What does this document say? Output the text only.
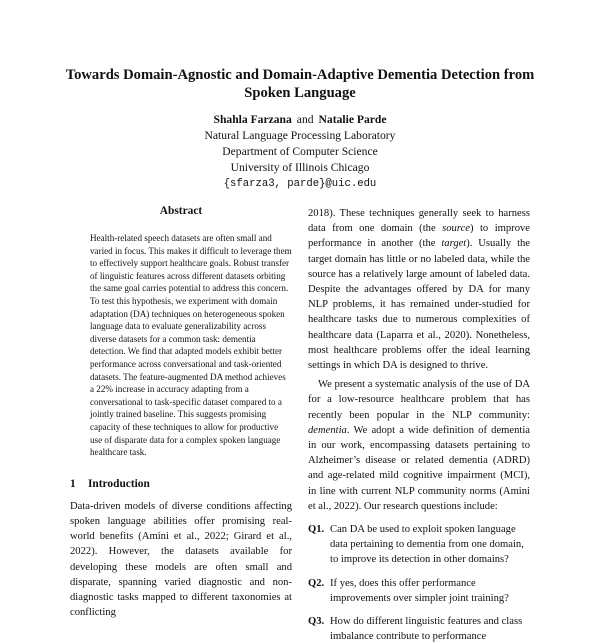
Towards Domain-Agnostic and Domain-Adaptive Dementia Detection from
Spoken Language
Shahla Farzana and Natalie Parde
Natural Language Processing Laboratory
Department of Computer Science
University of Illinois Chicago
{sfarza3, parde}@uic.edu
Abstract

Health-related speech datasets are often small and varied in focus. This makes it difficult to leverage them to effectively support healthcare goals. Robust transfer of linguistic features across different datasets orbiting the same goal carries potential to address this concern. To test this hypothesis, we experiment with domain adaptation (DA) techniques on heterogeneous spoken language data to evaluate generalizability across diverse datasets for a common task: dementia detection. We find that adapted models exhibit better performance across conversational and task-oriented datasets. The feature-augmented DA method achieves a 22% increase in accuracy adapting from a conversational to task-specific dataset compared to a jointly trained baseline. This suggests promising capacity of these techniques to allow for productive use of disparate data for a complex spoken language healthcare task.

1 Introduction

Data-driven models of diverse conditions affecting spoken language abilities offer promising real-world benefits (Amini et al., 2022; Girard et al., 2022). However, the datasets available for developing these models are often small and disparate, spanning varied diagnostic and non-diagnostic tasks mapped to different taxonomies at conflicting

2018). These techniques generally seek to harness data from one domain (the source) to improve performance in another (the target). Usually the target domain has little or no labeled data, while the source has a relatively large amount of labeled data. Despite the advantages offered by DA for many NLP problems, it has remained under-studied for healthcare tasks due to numerous complexities of healthcare data (Laparra et al., 2020). Nonetheless, most healthcare problems offer the ideal learning settings in which DA is designed to thrive.

We present a systematic analysis of the use of DA for a low-resource healthcare problem that has recently been popular in the NLP community: dementia. We adopt a wide definition of dementia in our work, encompassing datasets pertaining to Alzheimer’s disease or related dementia (ADRD) and age-related mild cognitive impairment (MCI), in line with current NLP community norms (Amini et al., 2022). Our research questions include:

Q1. Can DA be used to exploit spoken language data pertaining to dementia from one domain, to improve its detection in other domains?
Q2. If yes, does this offer performance improvements over simpler joint training?
Q3. How do different linguistic features and class imbalance contribute to performance
